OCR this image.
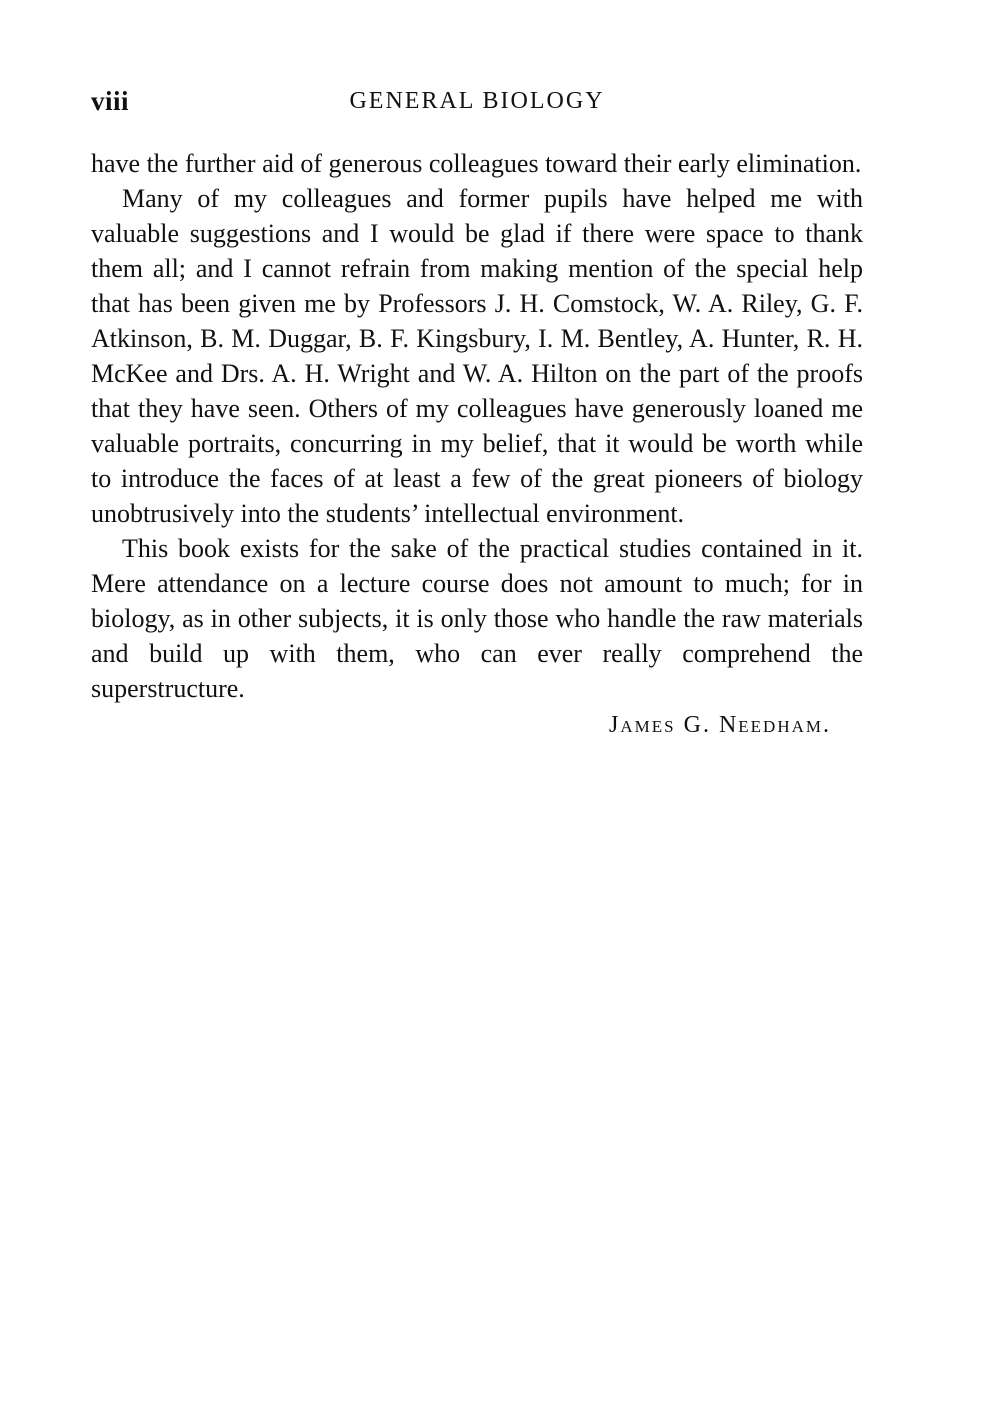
viii	GENERAL BIOLOGY

have the further aid of generous colleagues toward their early elimination.

Many of my colleagues and former pupils have helped me with valuable suggestions and I would be glad if there were space to thank them all; and I cannot refrain from making mention of the special help that has been given me by Professors J. H. Comstock, W. A. Riley, G. F. Atkinson, B. M. Duggar, B. F. Kingsbury, I. M. Bentley, A. Hunter, R. H. McKee and Drs. A. H. Wright and W. A. Hilton on the part of the proofs that they have seen. Others of my colleagues have generously loaned me valuable portraits, concurring in my belief, that it would be worth while to introduce the faces of at least a few of the great pioneers of biology unobtrusively into the students’ intellectual environment.

This book exists for the sake of the practical studies contained in it. Mere attendance on a lecture course does not amount to much; for in biology, as in other subjects, it is only those who handle the raw materials and build up with them, who can ever really comprehend the superstructure.

James G. Needham.
